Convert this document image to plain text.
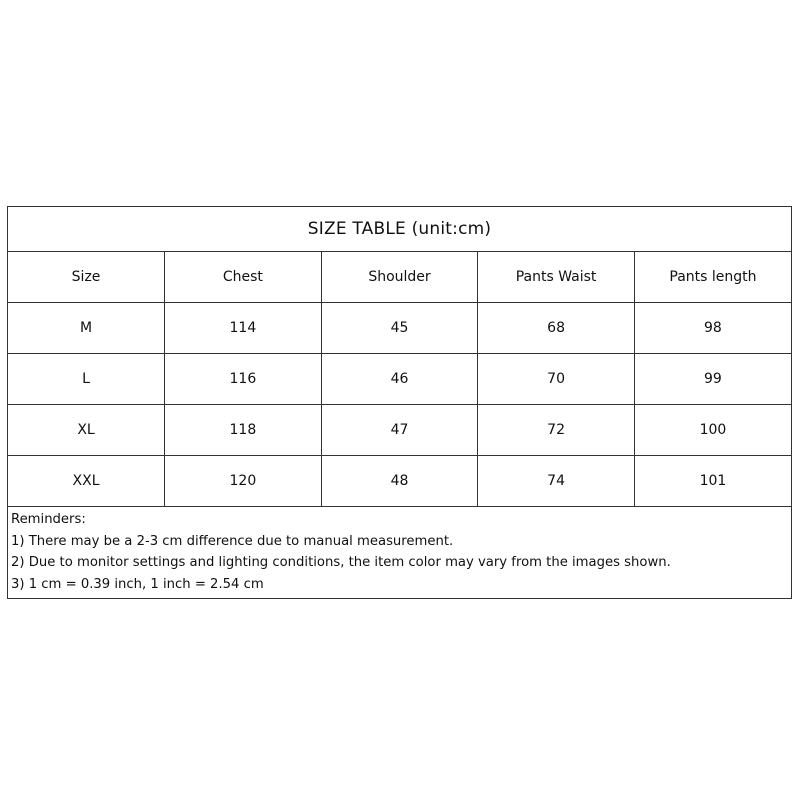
SIZE TABLE (unit:cm)
Size	Chest	Shoulder	Pants Waist	Pants length
M	114	45	68	98
L	116	46	70	99
XL	118	47	72	100
XXL	120	48	74	101
Reminders:
1) There may be a 2-3 cm difference due to manual measurement.
2) Due to monitor settings and lighting conditions, the item color may vary from the images shown.
3) 1 cm = 0.39 inch, 1 inch = 2.54 cm
